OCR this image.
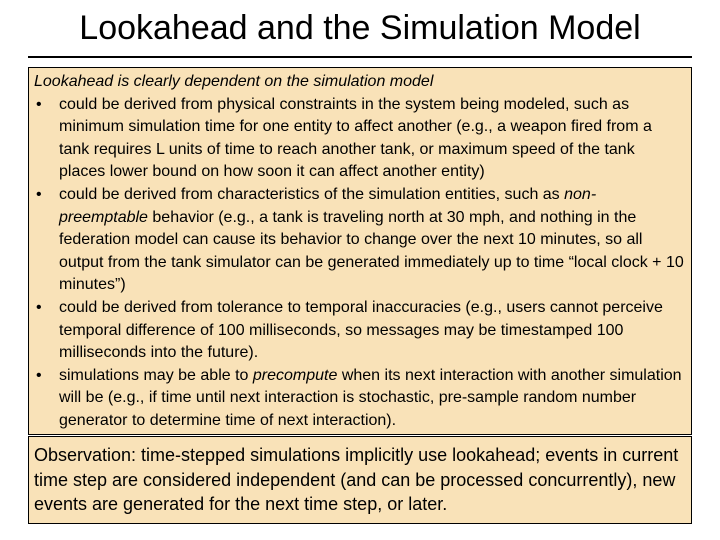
Lookahead and the Simulation Model
Lookahead is clearly dependent on the simulation model
• could be derived from physical constraints in the system being modeled, such as minimum simulation time for one entity to affect another (e.g., a weapon fired from a tank requires L units of time to reach another tank, or maximum speed of the tank places lower bound on how soon it can affect another entity)
• could be derived from characteristics of the simulation entities, such as non-preemptable behavior (e.g., a tank is traveling north at 30 mph, and nothing in the federation model can cause its behavior to change over the next 10 minutes, so all output from the tank simulator can be generated immediately up to time “local clock + 10 minutes”)
• could be derived from tolerance to temporal inaccuracies (e.g., users cannot perceive temporal difference of 100 milliseconds, so messages may be timestamped 100 milliseconds into the future).
• simulations may be able to precompute when its next interaction with another simulation will be (e.g., if time until next interaction is stochastic, pre-sample random number generator to determine time of next interaction).
Observation: time-stepped simulations implicitly use lookahead; events in current time step are considered independent (and can be processed concurrently), new events are generated for the next time step, or later.
